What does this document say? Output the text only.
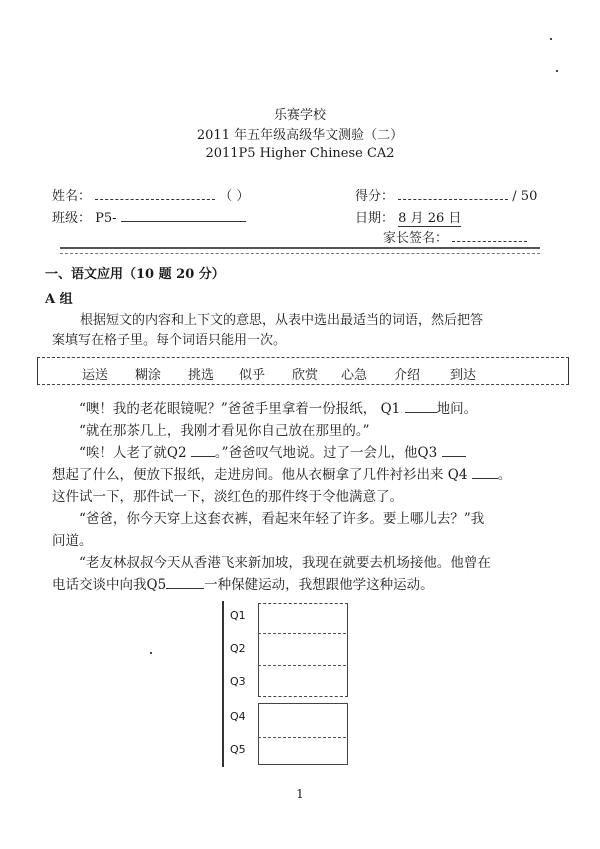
乐赛学校
2011 年五年级高级华文测验（二）
2011P5 Higher Chinese CA2
姓名：	（ ）	得分：	/ 50
班级： P5-	日期： 8 月 26 日
家长签名：
一、语文应用（10 题 20 分）
A 组
根据短文的内容和上下文的意思，从表中选出最适当的词语，然后把答
案填写在格子里。每个词语只能用一次。
运送 糊涂 挑选 似乎 欣赏 心急 介绍 到达
“噢！我的老花眼镜呢？”爸爸手里拿着一份报纸， Q1	地问。
“就在那茶几上，我刚才看见你自己放在那里的。”
“唉！人老了就Q2 。”爸爸叹气地说。过了一会儿，他Q3
想起了什么，便放下报纸，走进房间。他从衣橱拿了几件衬衫出来 Q4 。
这件试一下，那件试一下，淡红色的那件终于令他满意了。
“爸爸，你今天穿上这套衣裤，看起来年轻了许多。要上哪儿去？”我
问道。
“老友林叔叔今天从香港飞来新加坡，我现在就要去机场接他。他曾在
电话交谈中向我Q5	一种保健运动，我想跟他学这种运动。
Q1
Q2
Q3
Q4
Q5
1
